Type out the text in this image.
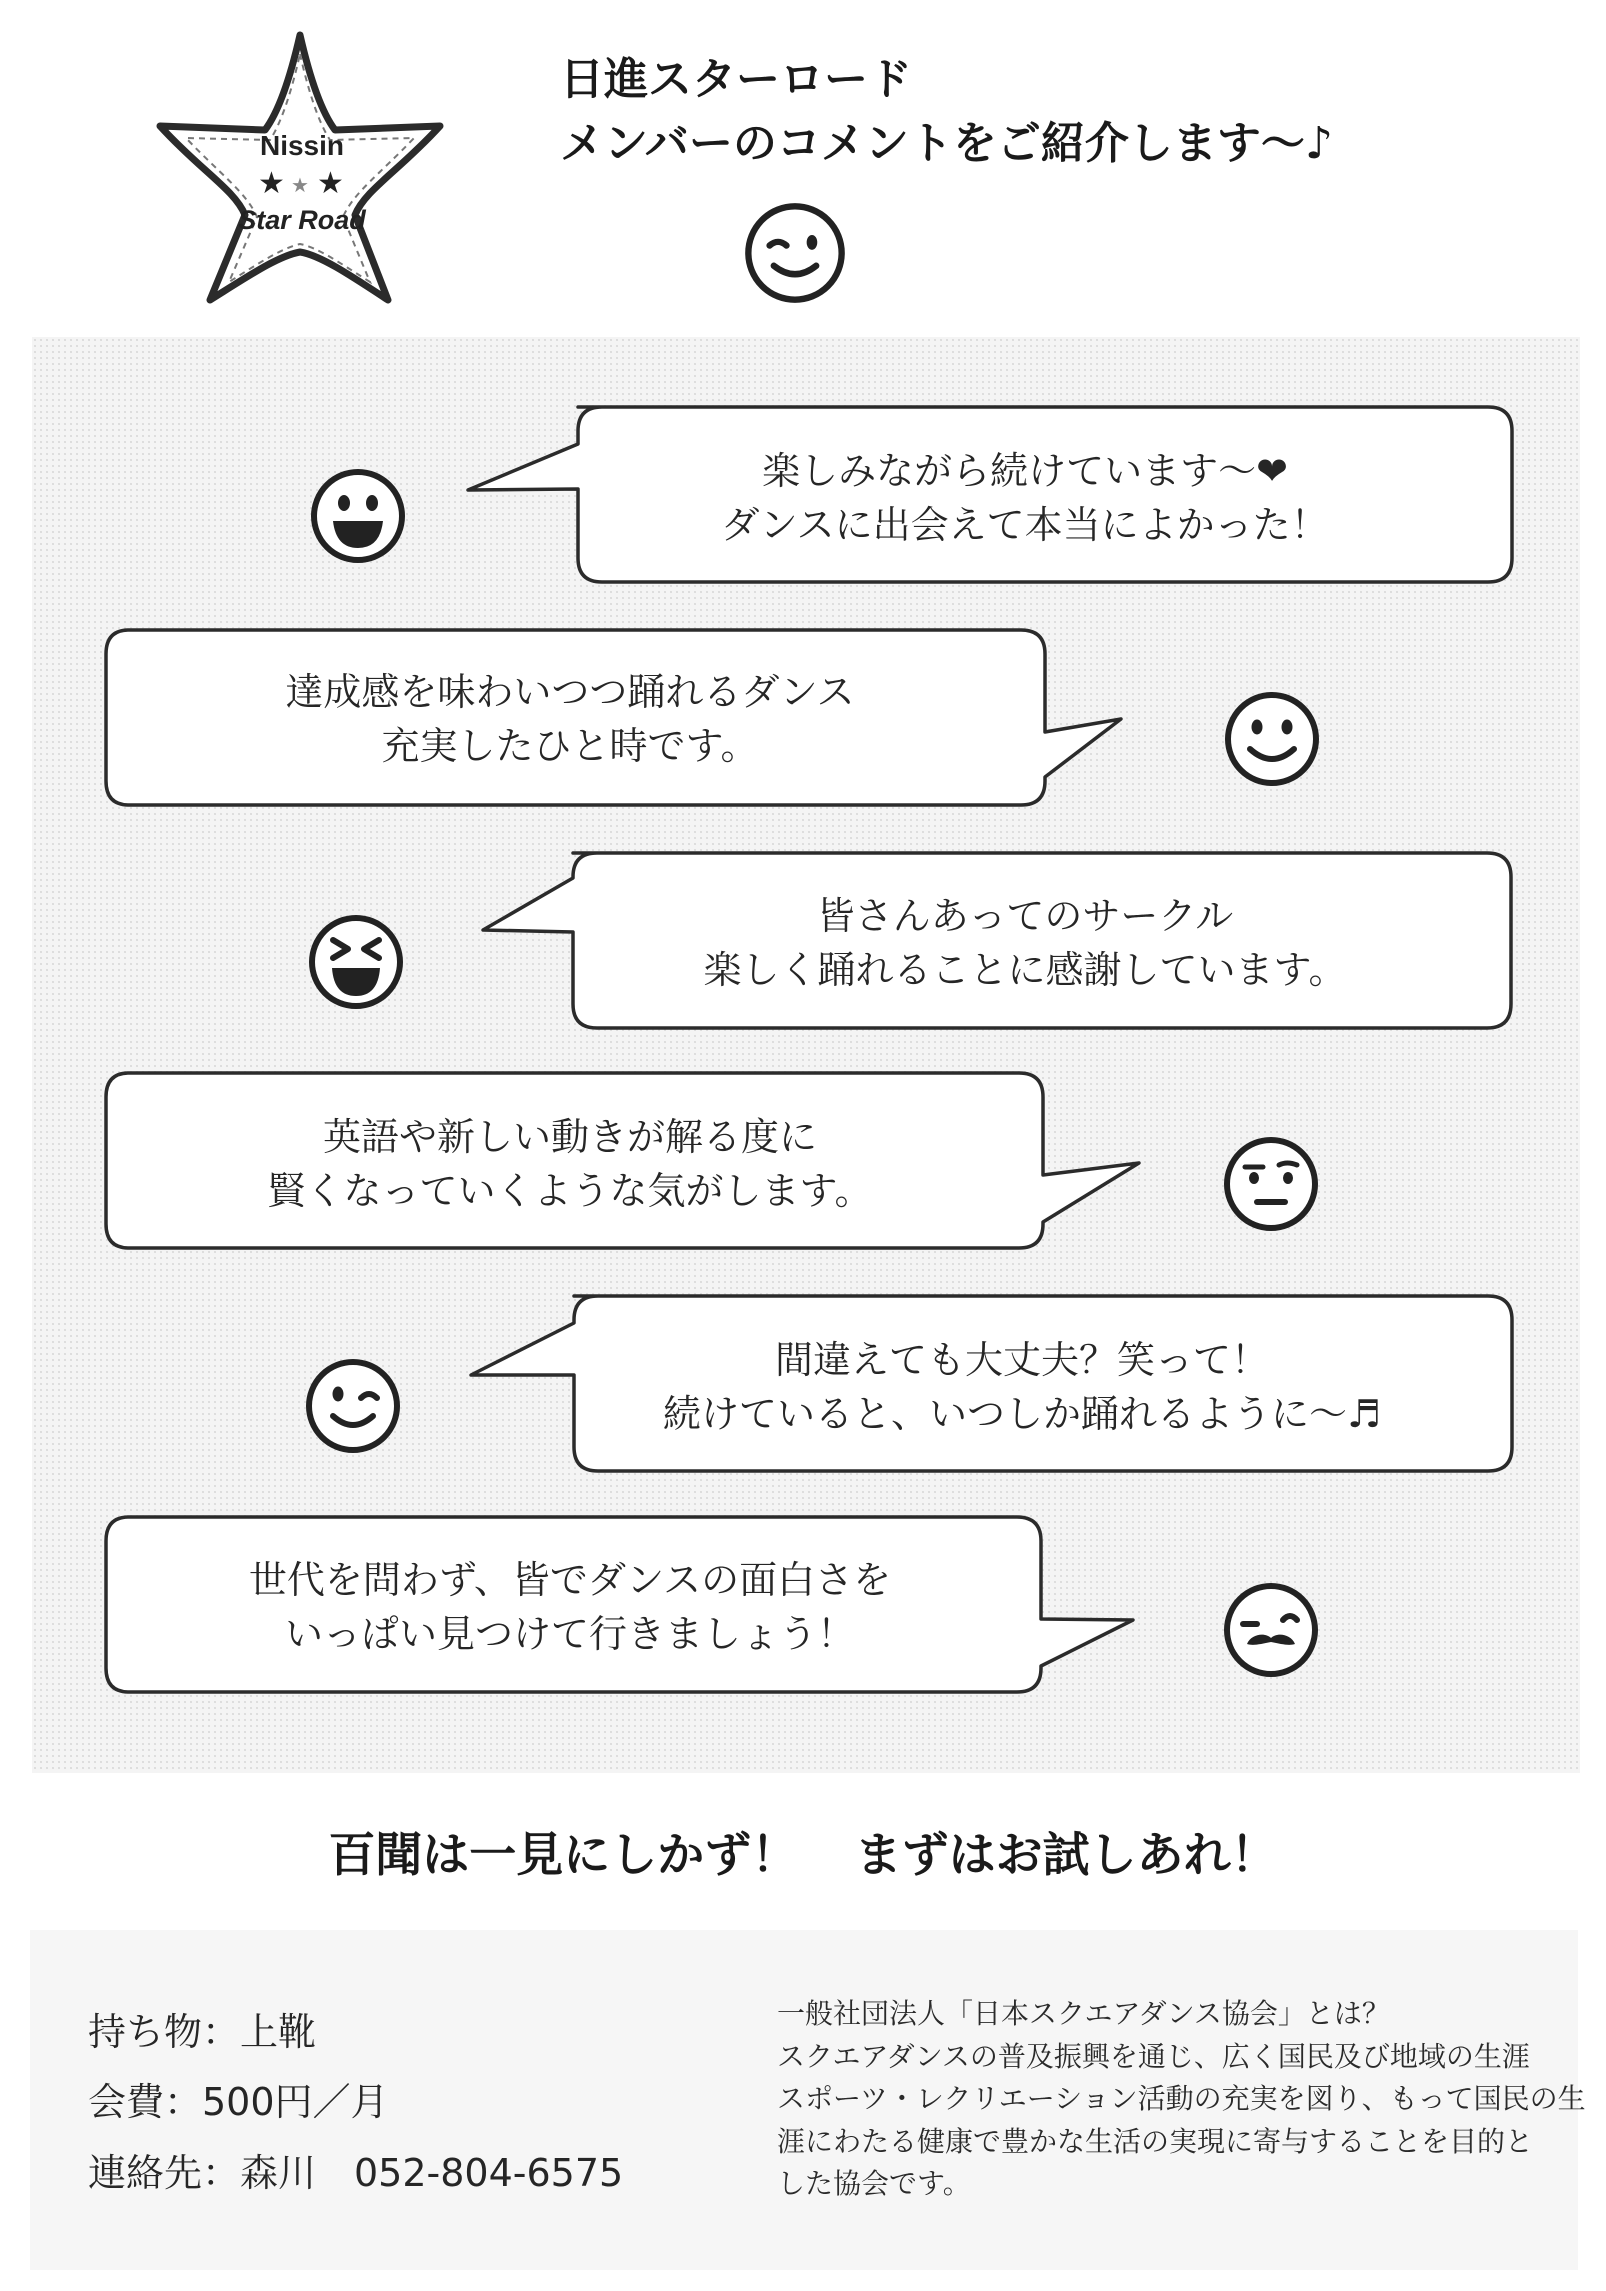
Nissin
★ ★ ★
Star Road
日進スターロード
メンバーのコメントをご紹介します～♪
楽しみながら続けています～❤
ダンスに出会えて本当によかった！
達成感を味わいつつ踊れるダンス
充実したひと時です。
皆さんあってのサークル
楽しく踊れることに感謝しています。
英語や新しい動きが解る度に
賢くなっていくような気がします。
間違えても大丈夫？笑って！
続けていると、いつしか踊れるように～♬
世代を問わず、皆でダンスの面白さを
いっぱい見つけて行きましょう！
百聞は一見にしかず！ まずはお試しあれ！
持ち物：上靴
会費：500円／月
連絡先：森川　052-804-6575
一般社団法人「日本スクエアダンス協会」とは？
スクエアダンスの普及振興を通じ、広く国民及び地域の生涯
スポーツ・レクリエーション活動の充実を図り、もって国民の生
涯にわたる健康で豊かな生活の実現に寄与することを目的と
した協会です。
